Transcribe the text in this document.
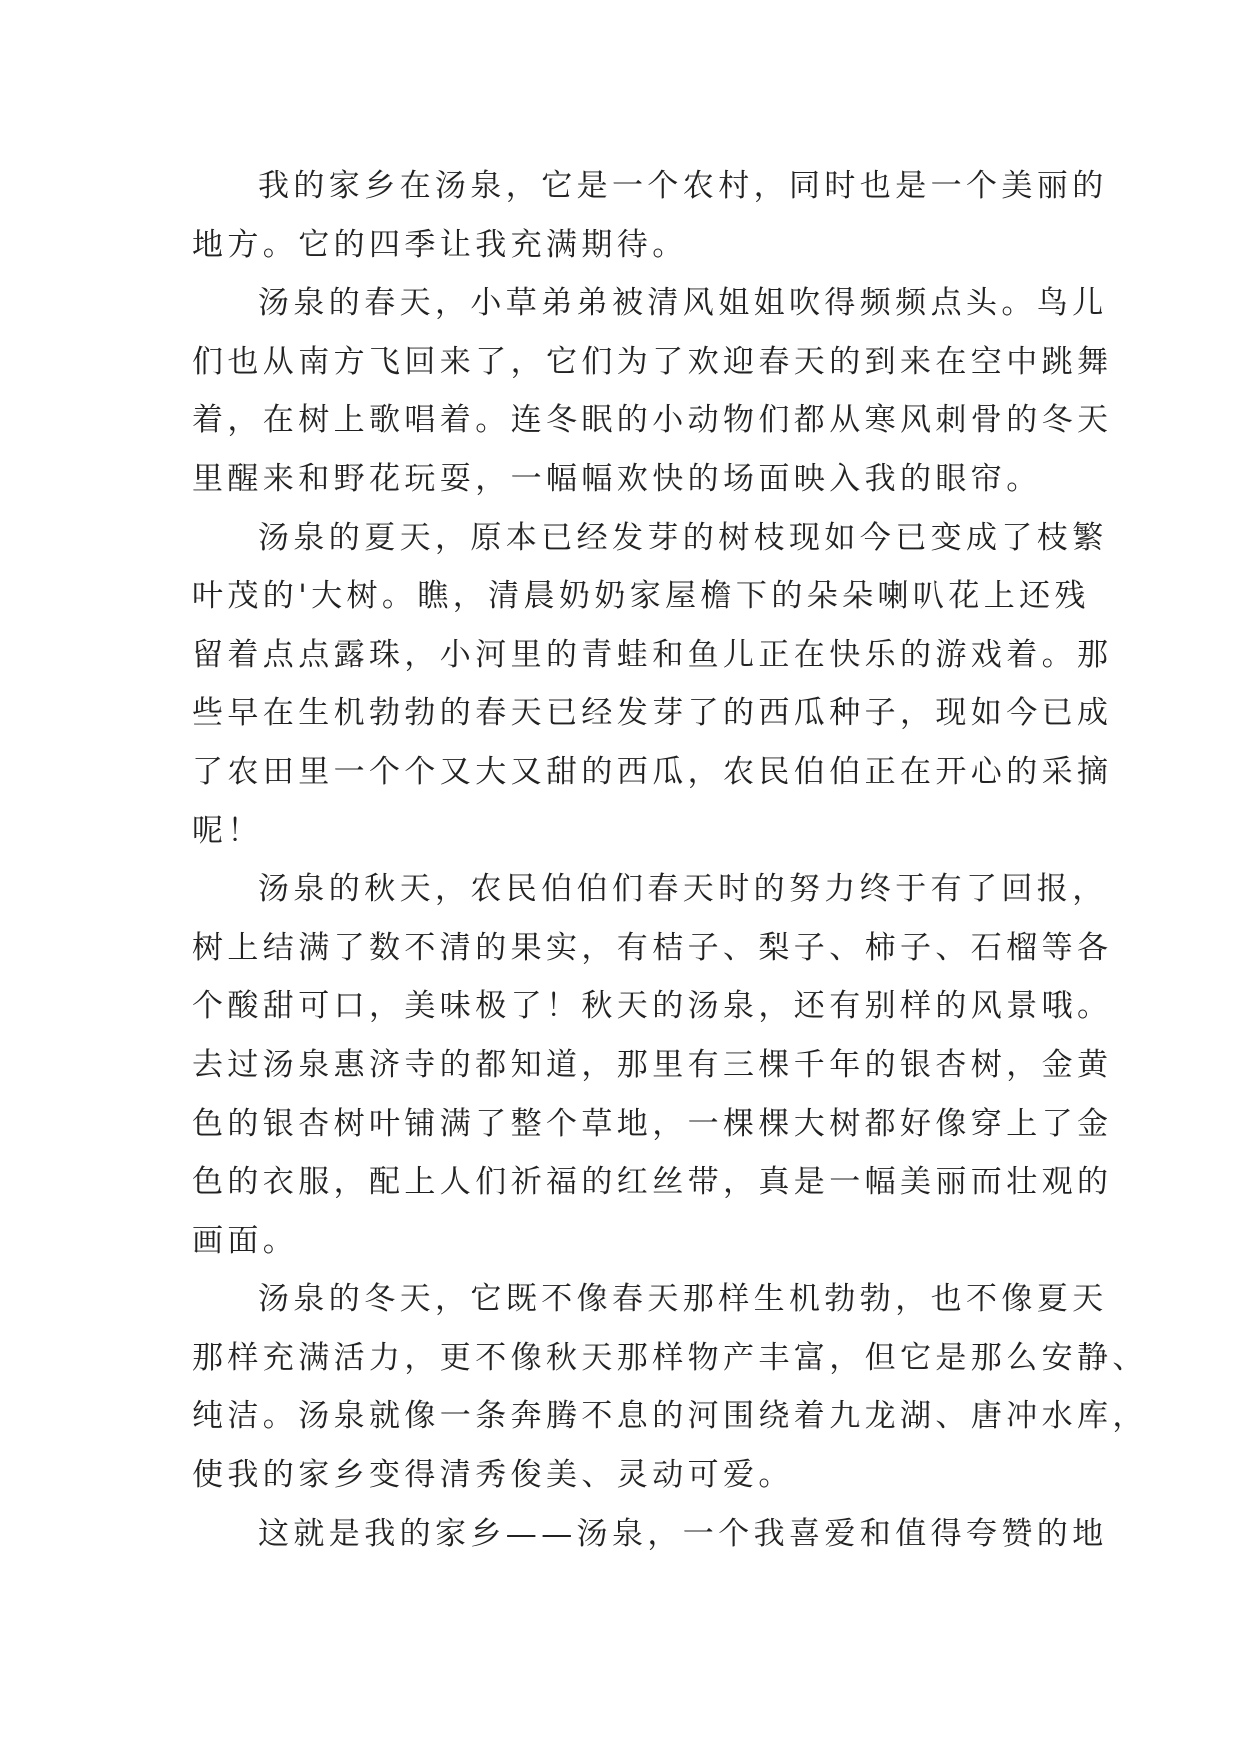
我的家乡在汤泉，它是一个农村，同时也是一个美丽的
地方。它的四季让我充满期待。
汤泉的春天，小草弟弟被清风姐姐吹得频频点头。鸟儿
们也从南方飞回来了，它们为了欢迎春天的到来在空中跳舞
着，在树上歌唱着。连冬眠的小动物们都从寒风刺骨的冬天
里醒来和野花玩耍，一幅幅欢快的场面映入我的眼帘。
汤泉的夏天，原本已经发芽的树枝现如今已变成了枝繁
叶茂的'大树。瞧，清晨奶奶家屋檐下的朵朵喇叭花上还残
留着点点露珠，小河里的青蛙和鱼儿正在快乐的游戏着。那
些早在生机勃勃的春天已经发芽了的西瓜种子，现如今已成
了农田里一个个又大又甜的西瓜，农民伯伯正在开心的采摘
呢！
汤泉的秋天，农民伯伯们春天时的努力终于有了回报，
树上结满了数不清的果实，有桔子、梨子、柿子、石榴等各
个酸甜可口，美味极了！秋天的汤泉，还有别样的风景哦。
去过汤泉惠济寺的都知道，那里有三棵千年的银杏树，金黄
色的银杏树叶铺满了整个草地，一棵棵大树都好像穿上了金
色的衣服，配上人们祈福的红丝带，真是一幅美丽而壮观的
画面。
汤泉的冬天，它既不像春天那样生机勃勃，也不像夏天
那样充满活力，更不像秋天那样物产丰富，但它是那么安静、
纯洁。汤泉就像一条奔腾不息的河围绕着九龙湖、唐冲水库，
使我的家乡变得清秀俊美、灵动可爱。
这就是我的家乡——汤泉，一个我喜爱和值得夸赞的地
